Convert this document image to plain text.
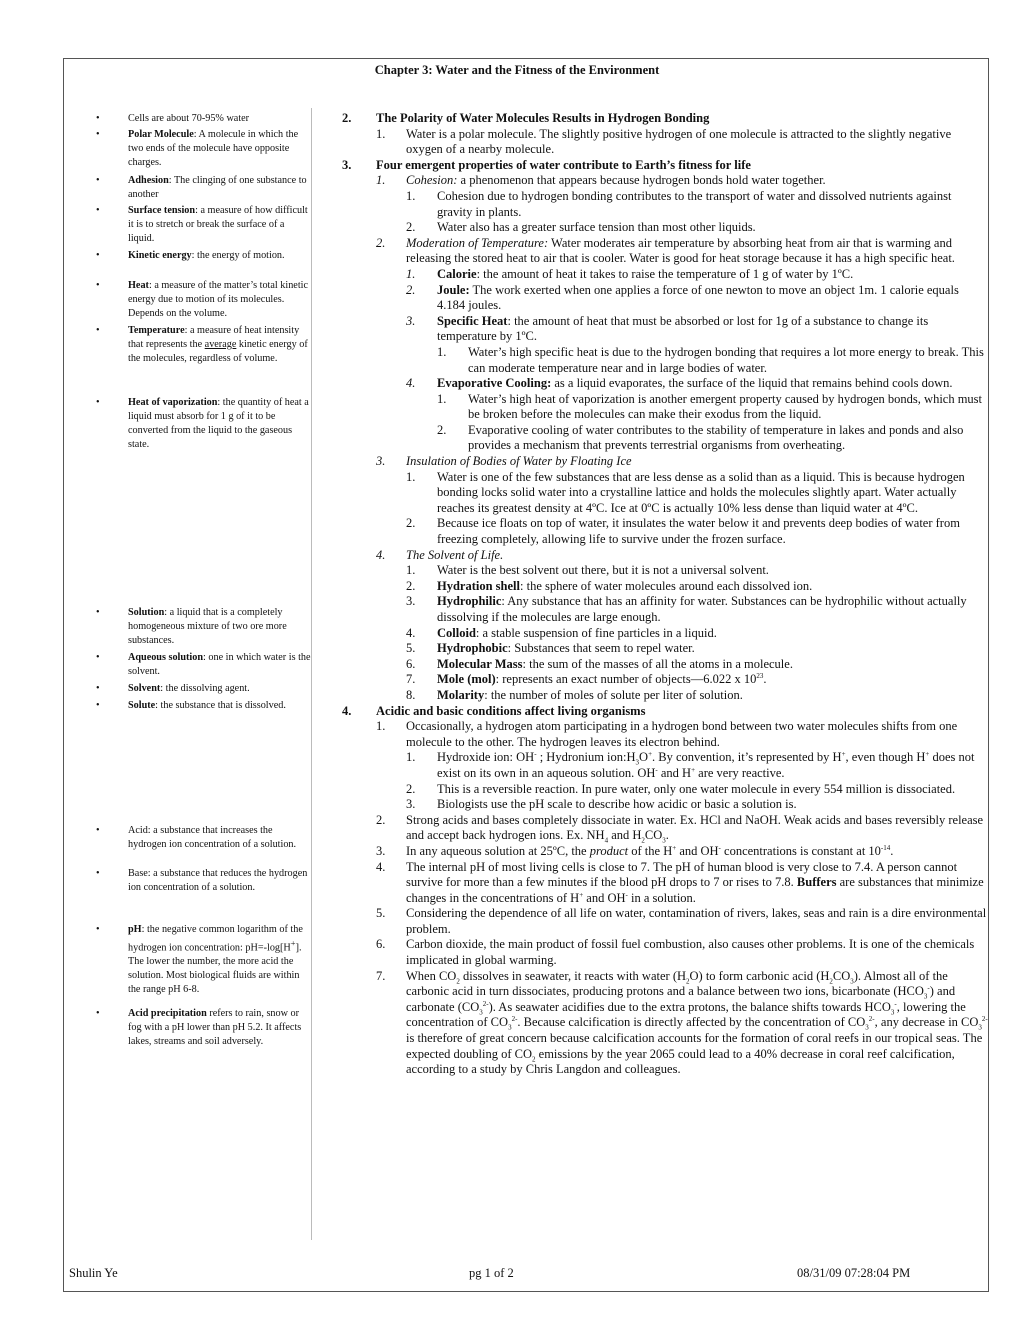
Chapter 3: Water and the Fitness of the Environment
•	Cells are about 70-95% water
•	Polar Molecule: A molecule in which the two ends of the molecule have opposite charges.
•	Adhesion: The clinging of one substance to another
•	Surface tension: a measure of how difficult it is to stretch or break the surface of a liquid.
•	Kinetic energy: the energy of motion.
•	Heat: a measure of the matter’s total kinetic energy due to motion of its molecules. Depends on the volume.
•	Temperature: a measure of heat intensity that represents the average kinetic energy of the molecules, regardless of volume.
•	Heat of vaporization: the quantity of heat a liquid must absorb for 1 g of it to be converted from the liquid to the gaseous state.
•	Solution: a liquid that is a completely homogeneous mixture of two ore more substances.
•	Aqueous solution: one in which water is the solvent.
•	Solvent: the dissolving agent.
•	Solute: the substance that is dissolved.
•	Acid: a substance that increases the hydrogen ion concentration of a solution.
•	Base: a substance that reduces the hydrogen ion concentration of a solution.
•	pH: the negative common logarithm of the hydrogen ion concentration: pH=-log[H+]. The lower the number, the more acid the solution. Most biological fluids are within the range pH 6-8.
•	Acid precipitation refers to rain, snow or fog with a pH lower than pH 5.2. It affects lakes, streams and soil adversely.
2. The Polarity of Water Molecules Results in Hydrogen Bonding
1. Water is a polar molecule. The slightly positive hydrogen of one molecule is attracted to the slightly negative oxygen of a nearby molecule.
3. Four emergent properties of water contribute to Earth’s fitness for life
1. Cohesion: a phenomenon that appears because hydrogen bonds hold water together.
1. Cohesion due to hydrogen bonding contributes to the transport of water and dissolved nutrients against gravity in plants.
2. Water also has a greater surface tension than most other liquids.
2. Moderation of Temperature: Water moderates air temperature by absorbing heat from air that is warming and releasing the stored heat to air that is cooler. Water is good for heat storage because it has a high specific heat.
1. Calorie: the amount of heat it takes to raise the temperature of 1 g of water by 1ºC.
2. Joule: The work exerted when one applies a force of one newton to move an object 1m. 1 calorie equals 4.184 joules.
3. Specific Heat: the amount of heat that must be absorbed or lost for 1g of a substance to change its temperature by 1ºC.
1. Water’s high specific heat is due to the hydrogen bonding that requires a lot more energy to break. This can moderate temperature near and in large bodies of water.
4. Evaporative Cooling: as a liquid evaporates, the surface of the liquid that remains behind cools down.
1. Water’s high heat of vaporization is another emergent property caused by hydrogen bonds, which must be broken before the molecules can make their exodus from the liquid.
2. Evaporative cooling of water contributes to the stability of temperature in lakes and ponds and also provides a mechanism that prevents terrestrial organisms from overheating.
3. Insulation of Bodies of Water by Floating Ice
1. Water is one of the few substances that are less dense as a solid than as a liquid. This is because hydrogen bonding locks solid water into a crystalline lattice and holds the molecules slightly apart. Water actually reaches its greatest density at 4ºC. Ice at 0ºC is actually 10% less dense than liquid water at 4ºC.
2. Because ice floats on top of water, it insulates the water below it and prevents deep bodies of water from freezing completely, allowing life to survive under the frozen surface.
4. The Solvent of Life.
1. Water is the best solvent out there, but it is not a universal solvent.
2. Hydration shell: the sphere of water molecules around each dissolved ion.
3. Hydrophilic: Any substance that has an affinity for water. Substances can be hydrophilic without actually dissolving if the molecules are large enough.
4. Colloid: a stable suspension of fine particles in a liquid.
5. Hydrophobic: Substances that seem to repel water.
6. Molecular Mass: the sum of the masses of all the atoms in a molecule.
7. Mole (mol): represents an exact number of objects—6.022 x $10^{23}$.
8. Molarity: the number of moles of solute per liter of solution.
4. Acidic and basic conditions affect living organisms
1. Occasionally, a hydrogen atom participating in a hydrogen bond between two water molecules shifts from one molecule to the other. The hydrogen leaves its electron behind.
1. Hydroxide ion: OH- ; Hydronium $ion:H_3O^+$. By convention, it’s represented by H+, even though H+ does not exist on its own in an aqueous solution. OH- and H+ are very reactive.
2. This is a reversible reaction. In pure water, only one water molecule in every 554 million is dissociated.
3. Biologists use the pH scale to describe how acidic or basic a solution is.
2. Strong acids and bases completely dissociate in water. Ex. HCl and NaOH. Weak acids and bases reversibly release and accept back hydrogen ions. Ex. $NH_4$ and $H_2CO_3$.
3. In any aqueous solution at 25ºC, the product of the H+ and OH- concentrations is constant at $10^{-14}$.
4. The internal pH of most living cells is close to 7. The pH of human blood is very close to 7.4. A person cannot survive for more than a few minutes if the blood pH drops to 7 or rises to 7.8. Buffers are substances that minimize changes in the concentrations of H+ and OH- in a solution.
5. Considering the dependence of all life on water, contamination of rivers, lakes, seas and rain is a dire environmental problem.
6. Carbon dioxide, the main product of fossil fuel combustion, also causes other problems. It is one of the chemicals implicated in global warming.
7. When $CO_2$ dissolves in seawater, it reacts with water $(H_2O)$ to form carbonic acid $(H_2CO_3)$. Almost all of the carbonic acid in turn dissociates, producing protons and a balance between two ions, bicarbonate $(HCO_3^-)$ and carbonate $(CO_3^{2-})$. As seawater acidifies due to the extra protons, the balance shifts towards $HCO_3^-$, lowering the concentration of $CO_3^{2-}$. Because calcification is directly affected by the concentration of $CO_3^{2-}$, any decrease in $CO_3^{2-}$ is therefore of great concern because calcification accounts for the formation of coral reefs in our tropical seas. The expected doubling of $CO_2$ emissions by the year 2065 could lead to a 40% decrease in coral reef calcification, according to a study by Chris Langdon and colleagues.
Shulin Ye	pg 1 of 2	08/31/09 07:28:04 PM
